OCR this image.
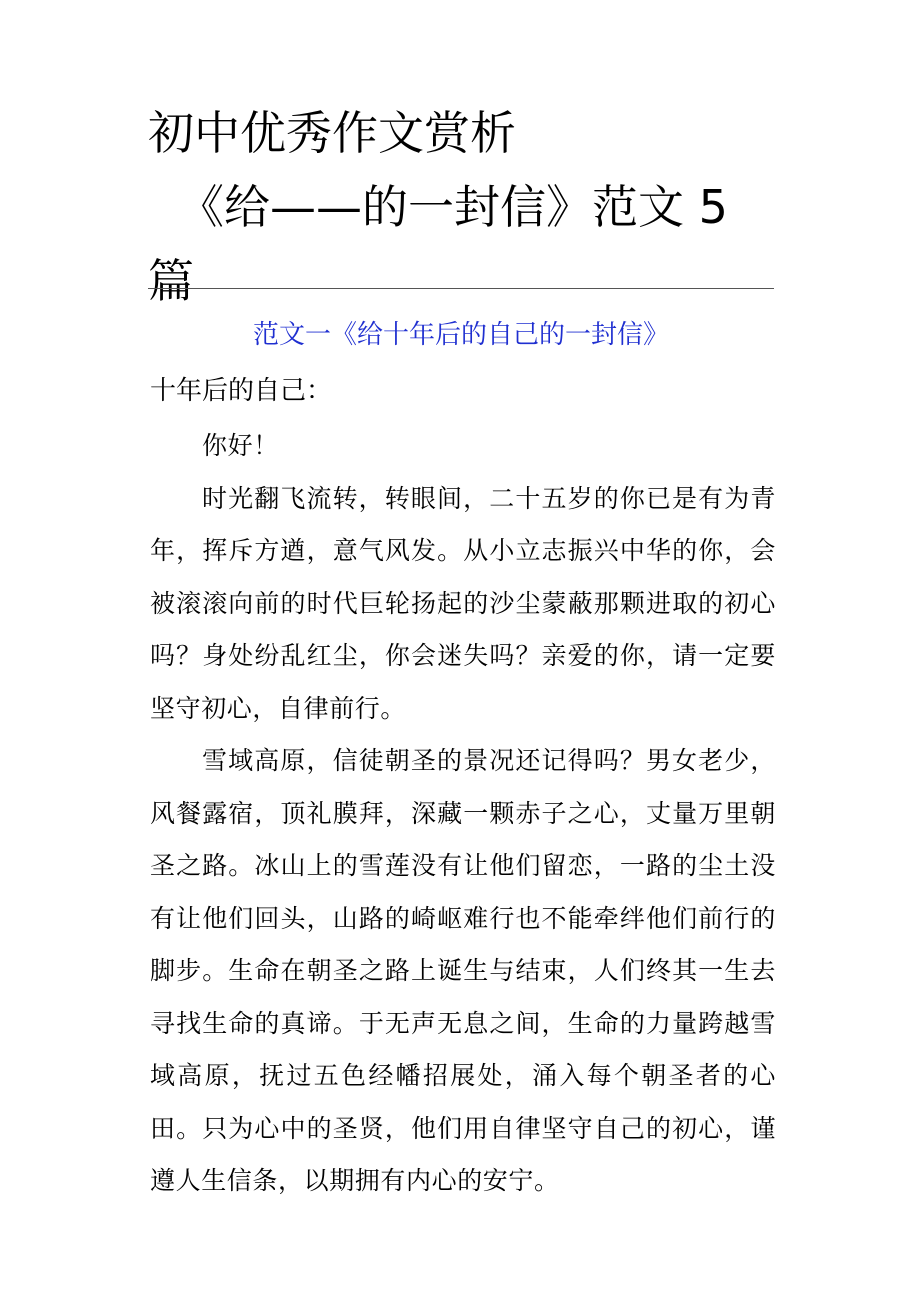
初中优秀作文赏析
《给——的一封信》范文 5
篇
范文一《给十年后的自己的一封信》

十年后的自己：

你好！

时光翻飞流转，转眼间，二十五岁的你已是有为青年，挥斥方遒，意气风发。从小立志振兴中华的你，会被滚滚向前的时代巨轮扬起的沙尘蒙蔽那颗进取的初心吗？身处纷乱红尘，你会迷失吗？亲爱的你，请一定要坚守初心，自律前行。

雪域高原，信徒朝圣的景况还记得吗？男女老少，风餐露宿，顶礼膜拜，深藏一颗赤子之心，丈量万里朝圣之路。冰山上的雪莲没有让他们留恋，一路的尘土没有让他们回头，山路的崎岖难行也不能牵绊他们前行的脚步。生命在朝圣之路上诞生与结束，人们终其一生去寻找生命的真谛。于无声无息之间，生命的力量跨越雪域高原，抚过五色经幡招展处，涌入每个朝圣者的心田。只为心中的圣贤，他们用自律坚守自己的初心，谨遵人生信条，以期拥有内心的安宁。
